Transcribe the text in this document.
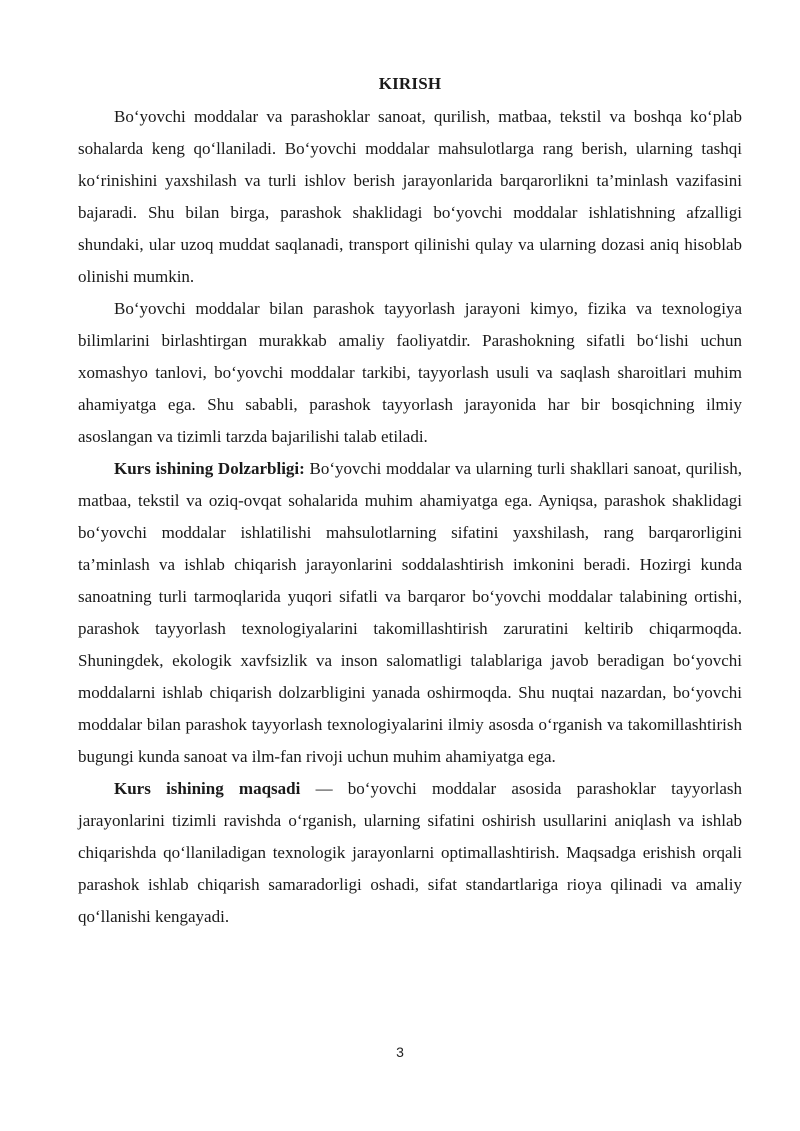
KIRISH

Bo‘yovchi moddalar va parashoklar sanoat, qurilish, matbaa, tekstil va boshqa ko‘plab sohalarda keng qo‘llaniladi. Bo‘yovchi moddalar mahsulotlarga rang berish, ularning tashqi ko‘rinishini yaxshilash va turli ishlov berish jarayonlarida barqarorlikni ta’minlash vazifasini bajaradi. Shu bilan birga, parashok shaklidagi bo‘yovchi moddalar ishlatishning afzalligi shundaki, ular uzoq muddat saqlanadi, transport qilinishi qulay va ularning dozasi aniq hisoblab olinishi mumkin.

Bo‘yovchi moddalar bilan parashok tayyorlash jarayoni kimyo, fizika va texnologiya bilimlarini birlashtirgan murakkab amaliy faoliyatdir. Parashokning sifatli bo‘lishi uchun xomashyo tanlovi, bo‘yovchi moddalar tarkibi, tayyorlash usuli va saqlash sharoitlari muhim ahamiyatga ega. Shu sababli, parashok tayyorlash jarayonida har bir bosqichning ilmiy asoslangan va tizimli tarzda bajarilishi talab etiladi.

Kurs ishining Dolzarbligi: Bo‘yovchi moddalar va ularning turli shakllari sanoat, qurilish, matbaa, tekstil va oziq-ovqat sohalarida muhim ahamiyatga ega. Ayniqsa, parashok shaklidagi bo‘yovchi moddalar ishlatilishi mahsulotlarning sifatini yaxshilash, rang barqarorligini ta’minlash va ishlab chiqarish jarayonlarini soddalashtirish imkonini beradi. Hozirgi kunda sanoatning turli tarmoqlarida yuqori sifatli va barqaror bo‘yovchi moddalar talabining ortishi, parashok tayyorlash texnologiyalarini takomillashtirish zaruratini keltirib chiqarmoqda. Shuningdek, ekologik xavfsizlik va inson salomatligi talablariga javob beradigan bo‘yovchi moddalarni ishlab chiqarish dolzarbligini yanada oshirmoqda. Shu nuqtai nazardan, bo‘yovchi moddalar bilan parashok tayyorlash texnologiyalarini ilmiy asosda o‘rganish va takomillashtirish bugungi kunda sanoat va ilm-fan rivoji uchun muhim ahamiyatga ega.

Kurs ishining maqsadi — bo‘yovchi moddalar asosida parashoklar tayyorlash jarayonlarini tizimli ravishda o‘rganish, ularning sifatini oshirish usullarini aniqlash va ishlab chiqarishda qo‘llaniladigan texnologik jarayonlarni optimallashtirish. Maqsadga erishish orqali parashok ishlab chiqarish samaradorligi oshadi, sifat standartlariga rioya qilinadi va amaliy qo‘llanishi kengayadi.

3
